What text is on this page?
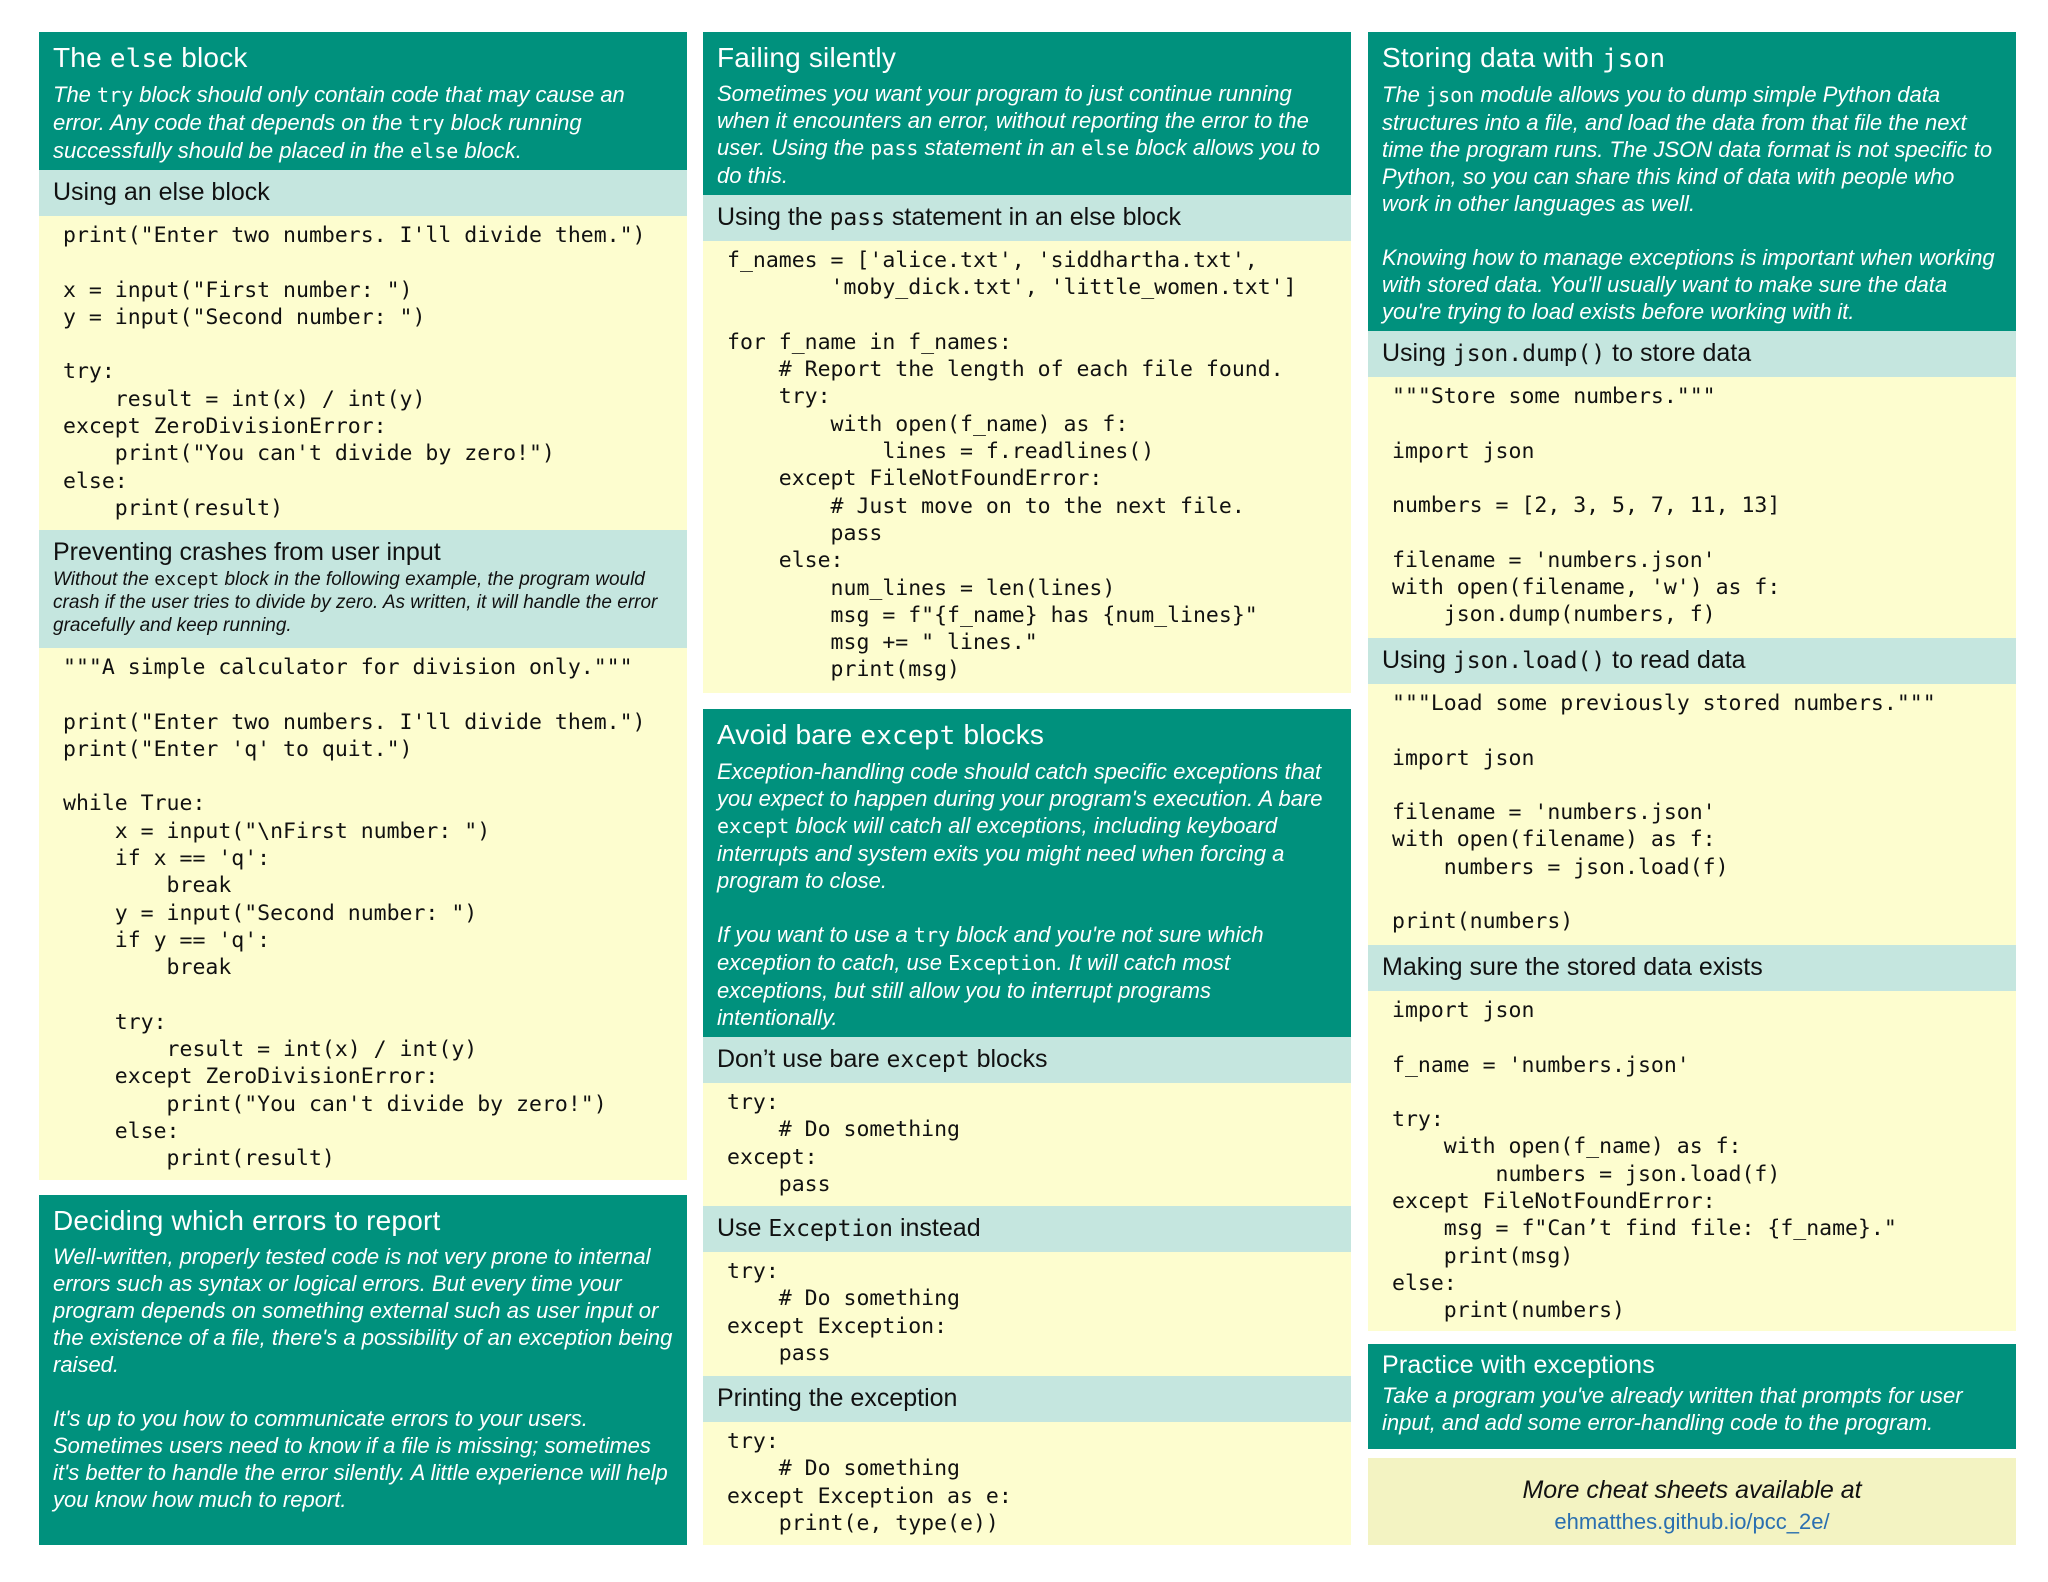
The else block
The try block should only contain code that may cause an error. Any code that depends on the try block running successfully should be placed in the else block.
Using an else block
print("Enter two numbers. I'll divide them.")

x = input("First number: ")
y = input("Second number: ")

try:
result = int(x) / int(y)
except ZeroDivisionError:
print("You can't divide by zero!")
else:
print(result)
Preventing crashes from user input
Without the except block in the following example, the program would crash if the user tries to divide by zero. As written, it will handle the error gracefully and keep running.
"""A simple calculator for division only."""

print("Enter two numbers. I'll divide them.")
print("Enter 'q' to quit.")

while True:
x = input("\nFirst number: ")
if x == 'q':
break
y = input("Second number: ")
if y == 'q':
break

try:
result = int(x) / int(y)
except ZeroDivisionError:
print("You can't divide by zero!")
else:
print(result)
Deciding which errors to report
Well-written, properly tested code is not very prone to internal errors such as syntax or logical errors. But every time your program depends on something external such as user input or the existence of a file, there's a possibility of an exception being raised.
It's up to you how to communicate errors to your users. Sometimes users need to know if a file is missing; sometimes it's better to handle the error silently. A little experience will help you know how much to report.
Failing silently
Sometimes you want your program to just continue running when it encounters an error, without reporting the error to the user. Using the pass statement in an else block allows you to do this.
Using the pass statement in an else block
f_names = ['alice.txt', 'siddhartha.txt',
'moby_dick.txt', 'little_women.txt']

for f_name in f_names:
# Report the length of each file found.
try:
with open(f_name) as f:
lines = f.readlines()
except FileNotFoundError:
# Just move on to the next file.
pass
else:
num_lines = len(lines)
msg = f"{f_name} has {num_lines}"
msg += " lines."
print(msg)
Avoid bare except blocks
Exception-handling code should catch specific exceptions that you expect to happen during your program's execution. A bare except block will catch all exceptions, including keyboard interrupts and system exits you might need when forcing a program to close.
If you want to use a try block and you're not sure which exception to catch, use Exception. It will catch most exceptions, but still allow you to interrupt programs intentionally.
Don’t use bare except blocks
try:
# Do something
except:
pass
Use Exception instead
try:
# Do something
except Exception:
pass
Printing the exception
try:
# Do something
except Exception as e:
print(e, type(e))
Storing data with json
The json module allows you to dump simple Python data structures into a file, and load the data from that file the next time the program runs. The JSON data format is not specific to Python, so you can share this kind of data with people who work in other languages as well.
Knowing how to manage exceptions is important when working with stored data. You'll usually want to make sure the data you're trying to load exists before working with it.
Using json.dump() to store data
"""Store some numbers."""

import json

numbers = [2, 3, 5, 7, 11, 13]

filename = 'numbers.json'
with open(filename, 'w') as f:
json.dump(numbers, f)
Using json.load() to read data
"""Load some previously stored numbers."""

import json

filename = 'numbers.json'
with open(filename) as f:
numbers = json.load(f)

print(numbers)
Making sure the stored data exists
import json

f_name = 'numbers.json'

try:
with open(f_name) as f:
numbers = json.load(f)
except FileNotFoundError:
msg = f"Can’t find file: {f_name}."
print(msg)
else:
print(numbers)
Practice with exceptions
Take a program you've already written that prompts for user input, and add some error-handling code to the program.
More cheat sheets available at
ehmatthes.github.io/pcc_2e/
